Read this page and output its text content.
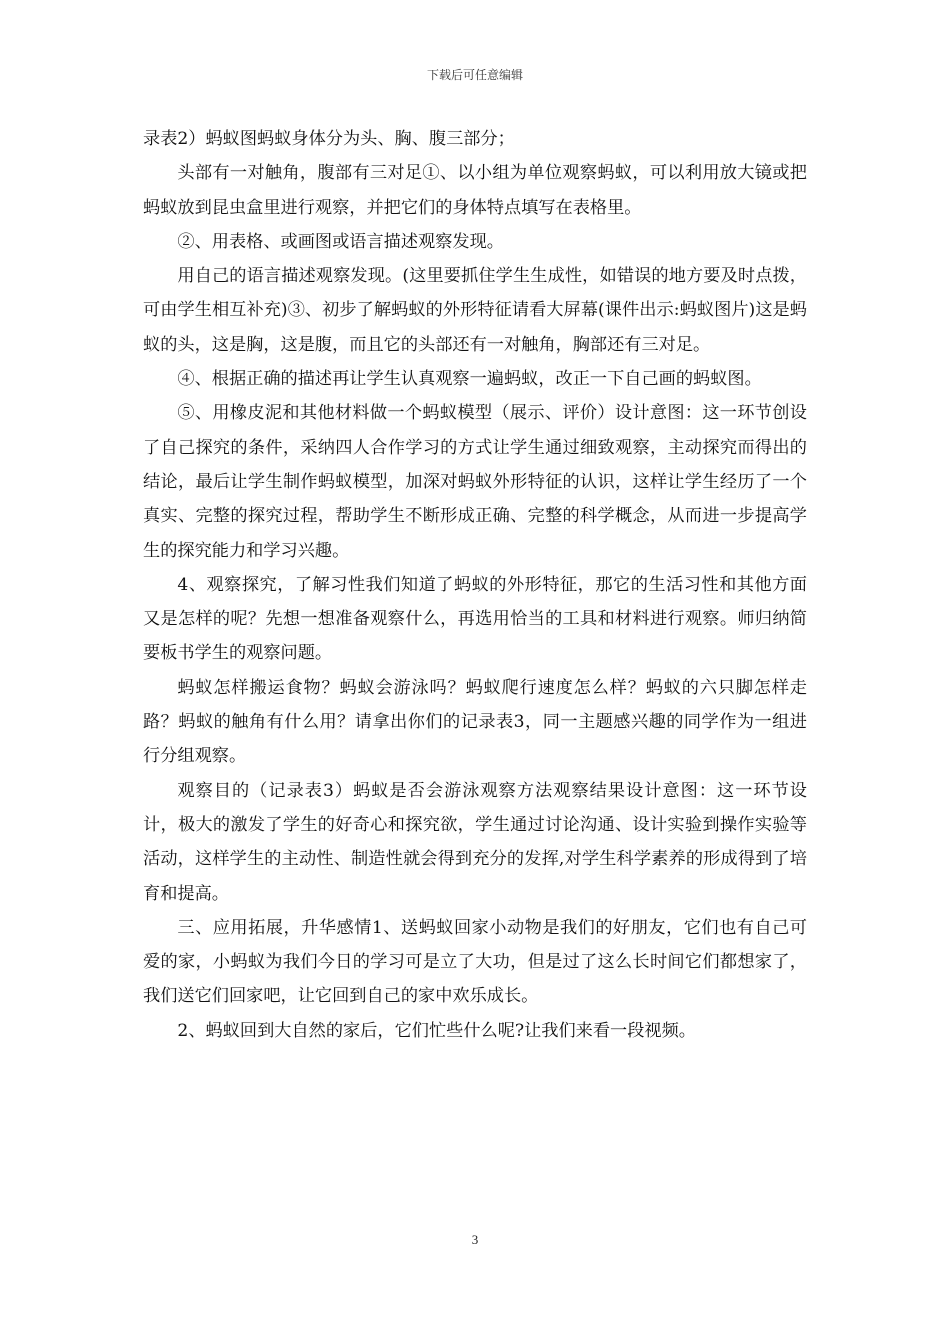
下载后可任意编辑

录表2）蚂蚁图蚂蚁身体分为头、胸、腹三部分；

头部有一对触角，腹部有三对足①、以小组为单位观察蚂蚁，可以利用放大镜或把蚂蚁放到昆虫盒里进行观察，并把它们的身体特点填写在表格里。

②、用表格、或画图或语言描述观察发现。

用自己的语言描述观察发现。(这里要抓住学生生成性，如错误的地方要及时点拨，可由学生相互补充)③、初步了解蚂蚁的外形特征请看大屏幕(课件出示:蚂蚁图片)这是蚂蚁的头，这是胸，这是腹，而且它的头部还有一对触角，胸部还有三对足。

④、根据正确的描述再让学生认真观察一遍蚂蚁，改正一下自己画的蚂蚁图。

⑤、用橡皮泥和其他材料做一个蚂蚁模型（展示、评价）设计意图：这一环节创设了自己探究的条件，采纳四人合作学习的方式让学生通过细致观察，主动探究而得出的结论，最后让学生制作蚂蚁模型，加深对蚂蚁外形特征的认识，这样让学生经历了一个真实、完整的探究过程，帮助学生不断形成正确、完整的科学概念，从而进一步提高学生的探究能力和学习兴趣。

4、观察探究，了解习性我们知道了蚂蚁的外形特征，那它的生活习性和其他方面又是怎样的呢？先想一想准备观察什么，再选用恰当的工具和材料进行观察。师归纳简要板书学生的观察问题。

蚂蚁怎样搬运食物？蚂蚁会游泳吗？蚂蚁爬行速度怎么样？蚂蚁的六只脚怎样走路？蚂蚁的触角有什么用？请拿出你们的记录表3，同一主题感兴趣的同学作为一组进行分组观察。

观察目的（记录表3）蚂蚁是否会游泳观察方法观察结果设计意图：这一环节设计，极大的激发了学生的好奇心和探究欲，学生通过讨论沟通、设计实验到操作实验等活动，这样学生的主动性、制造性就会得到充分的发挥,对学生科学素养的形成得到了培育和提高。

三、应用拓展，升华感情1、送蚂蚁回家小动物是我们的好朋友，它们也有自己可爱的家，小蚂蚁为我们今日的学习可是立了大功，但是过了这么长时间它们都想家了，我们送它们回家吧，让它回到自己的家中欢乐成长。

2、蚂蚁回到大自然的家后，它们忙些什么呢?让我们来看一段视频。

3
